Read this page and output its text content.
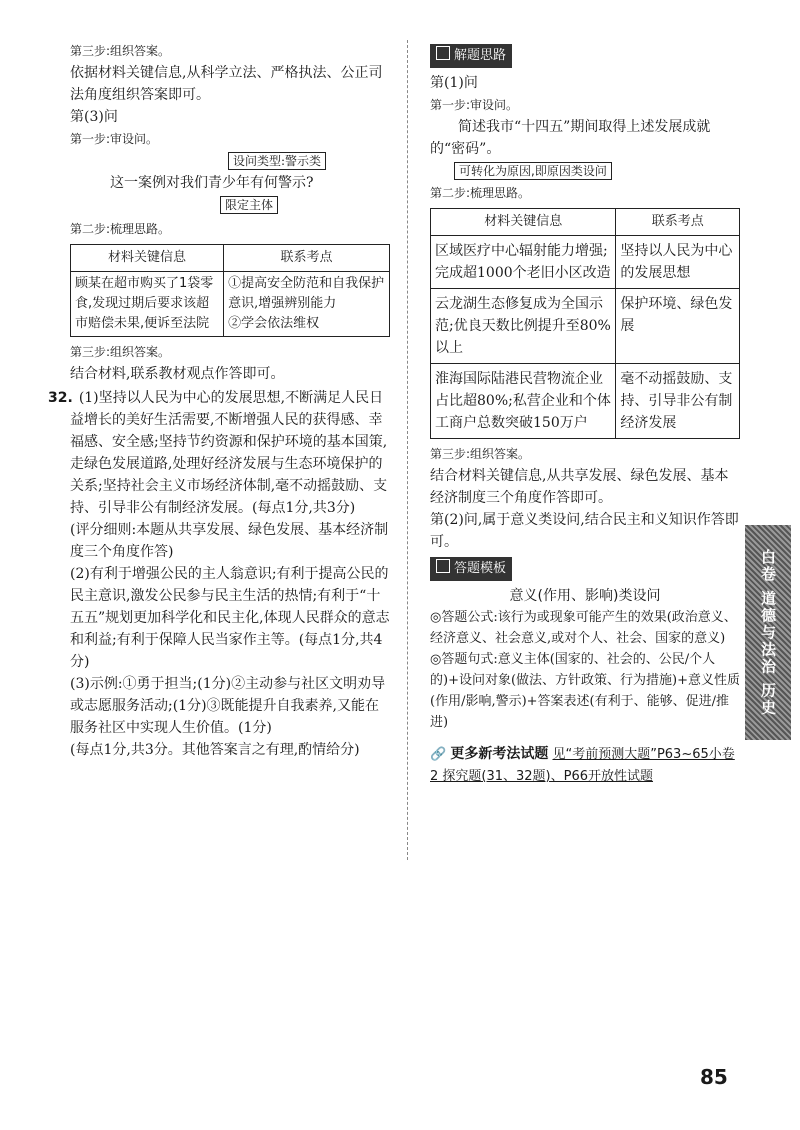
第三步:组织答案。

依据材料关键信息,从科学立法、严格执法、公正司法角度组织答案即可。

第(3)问

第一步:审设问。

设问类型:警示类
这一案例对我们青少年有何警示?
限定主体

第二步:梳理思路。

材料关键信息	联系考点
顾某在超市购买了1袋零食,发现过期后要求该超市赔偿未果,便诉至法院	①提高安全防范和自我保护意识,增强辨别能力
②学会依法维权

第三步:组织答案。

结合材料,联系教材观点作答即可。

32. (1)坚持以人民为中心的发展思想,不断满足人民日益增长的美好生活需要,不断增强人民的获得感、幸福感、安全感;坚持节约资源和保护环境的基本国策,走绿色发展道路,处理好经济发展与生态环境保护的关系;坚持社会主义市场经济体制,毫不动摇鼓励、支持、引导非公有制经济发展。(每点1分,共3分)

(评分细则:本题从共享发展、绿色发展、基本经济制度三个角度作答)

(2)有利于增强公民的主人翁意识;有利于提高公民的民主意识,激发公民参与民主生活的热情;有利于“十五五”规划更加科学化和民主化,体现人民群众的意志和利益;有利于保障人民当家作主等。(每点1分,共4分)

(3)示例:①勇于担当;(1分)②主动参与社区文明劝导或志愿服务活动;(1分)③既能提升自我素养,又能在服务社区中实现人生价值。(1分)

(每点1分,共3分。其他答案言之有理,酌情给分)

解题思路

第(1)问

第一步:审设问。

简述我市“十四五”期间取得上述发展成就的“密码”。

可转化为原因,即原因类设问

第二步:梳理思路。

材料关键信息	联系考点
区域医疗中心辐射能力增强;完成超1000个老旧小区改造	坚持以人民为中心的发展思想
云龙湖生态修复成为全国示范;优良天数比例提升至80%以上	保护环境、绿色发展
淮海国际陆港民营物流企业占比超80%;私营企业和个体工商户总数突破150万户	毫不动摇鼓励、支持、引导非公有制经济发展

第三步:组织答案。

结合材料关键信息,从共享发展、绿色发展、基本经济制度三个角度作答即可。

第(2)问,属于意义类设问,结合民主和义知识作答即可。

答题模板

意义(作用、影响)类设问

◎答题公式:该行为或现象可能产生的效果(政治意义、经济意义、社会意义,或对个人、社会、国家的意义)

◎答题句式:意义主体(国家的、社会的、公民/个人的)+设问对象(做法、方针政策、行为措施)+意义性质(作用/影响,警示)+答案表述(有利于、能够、促进/推进)

🔗 更多新考法试题 见“考前预测大题”P63~65小卷2 探究题(31、32题)、P66开放性试题

白卷 道德与法治 历史
85
